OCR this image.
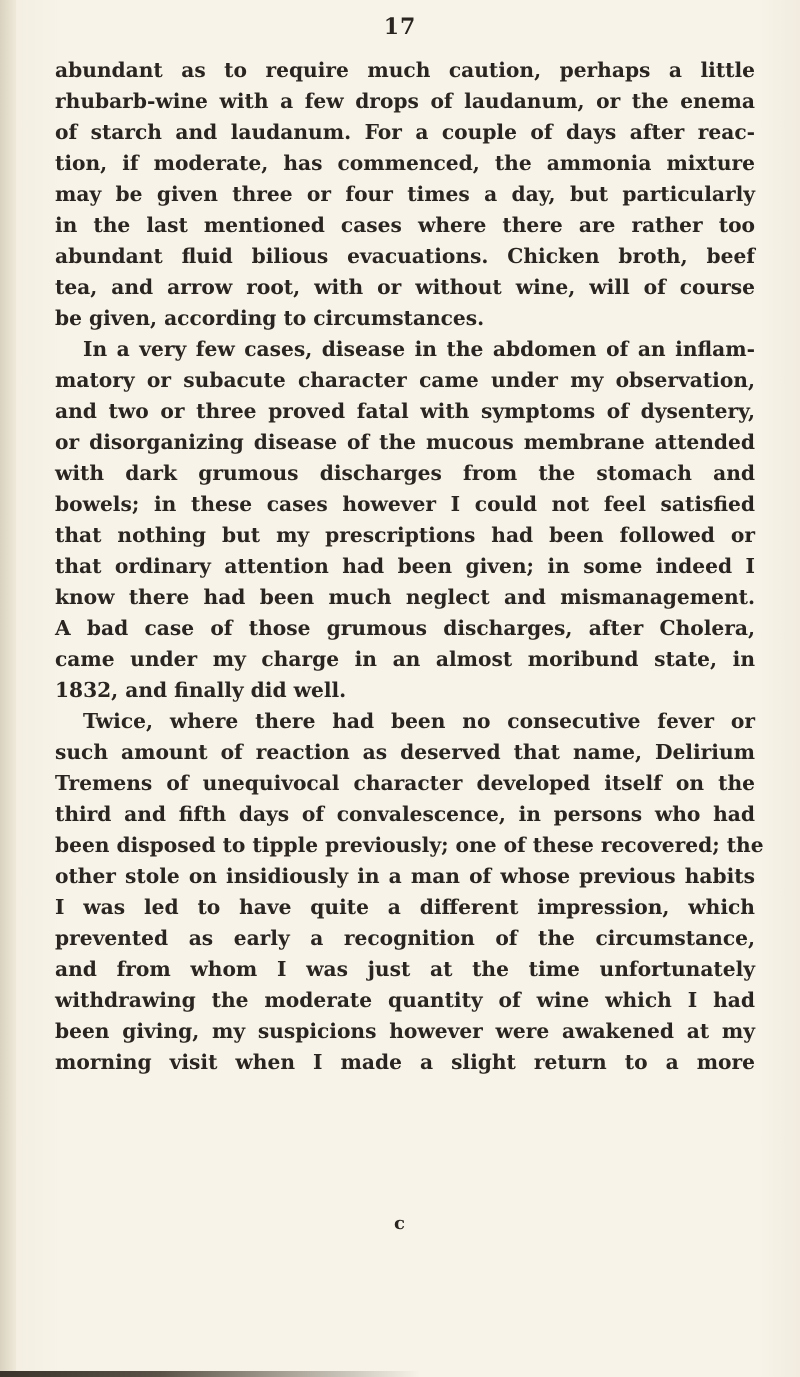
17
abundant as to require much caution, perhaps a little
rhubarb-wine with a few drops of laudanum, or the enema
of starch and laudanum. For a couple of days after reac-
tion, if moderate, has commenced, the ammonia mixture
may be given three or four times a day, but particularly
in the last mentioned cases where there are rather too
abundant fluid bilious evacuations. Chicken broth, beef
tea, and arrow root, with or without wine, will of course
be given, according to circumstances.
In a very few cases, disease in the abdomen of an inflam-
matory or subacute character came under my observation,
and two or three proved fatal with symptoms of dysentery,
or disorganizing disease of the mucous membrane attended
with dark grumous discharges from the stomach and
bowels; in these cases however I could not feel satisfied
that nothing but my prescriptions had been followed or
that ordinary attention had been given; in some indeed I
know there had been much neglect and mismanagement.
A bad case of those grumous discharges, after Cholera,
came under my charge in an almost moribund state, in
1832, and finally did well.
Twice, where there had been no consecutive fever or
such amount of reaction as deserved that name, Delirium
Tremens of unequivocal character developed itself on the
third and fifth days of convalescence, in persons who had
been disposed to tipple previously; one of these recovered; the
other stole on insidiously in a man of whose previous habits
I was led to have quite a different impression, which
prevented as early a recognition of the circumstance,
and from whom I was just at the time unfortunately
withdrawing the moderate quantity of wine which I had
been giving, my suspicions however were awakened at my
morning visit when I made a slight return to a more
c
